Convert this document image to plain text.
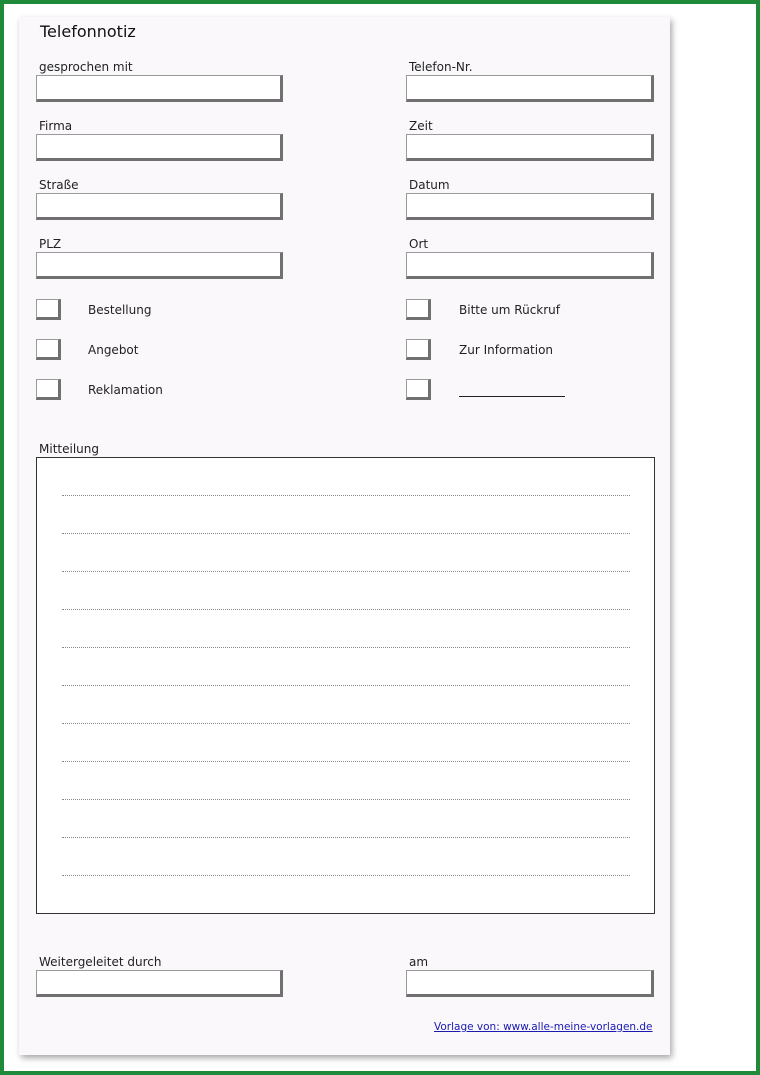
Telefonnotiz
gesprochen mit	Telefon-Nr.
Firma	Zeit
Straße	Datum
PLZ	Ort
Bestellung	Bitte um Rückruf
Angebot	Zur Information
Reklamation
Mitteilung
Weitergeleitet durch	am
Vorlage von: www.alle-meine-vorlagen.de
